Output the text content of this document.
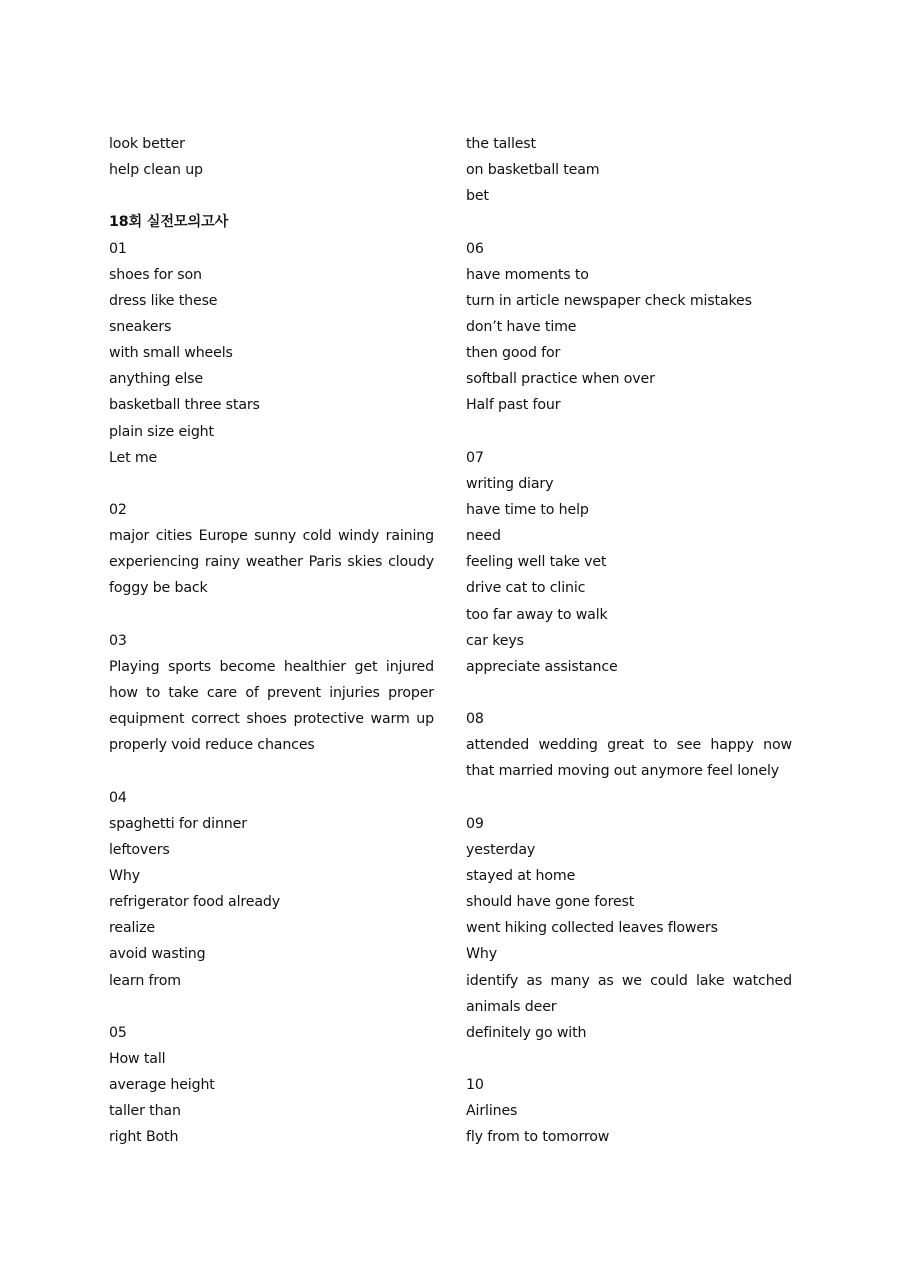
look better
help clean up
18회 실전모의고사
01
shoes for son
dress like these
sneakers
with small wheels
anything else
basketball three stars
plain size eight
Let me
02
major cities Europe sunny cold windy raining experiencing rainy weather Paris skies cloudy foggy be back
03
Playing sports become healthier get injured how to take care of prevent injuries proper equipment correct shoes protective warm up properly void reduce chances
04
spaghetti for dinner
leftovers
Why
refrigerator food already
realize
avoid wasting
learn from
05
How tall
average height
taller than
right Both
the tallest
on basketball team
bet
06
have moments to
turn in article newspaper check mistakes
don’t have time
then good for
softball practice when over
Half past four
07
writing diary
have time to help
need
feeling well take vet
drive cat to clinic
too far away to walk
car keys
appreciate assistance
08
attended wedding great to see happy now that married moving out anymore feel lonely
09
yesterday
stayed at home
should have gone forest
went hiking collected leaves flowers
Why
identify as many as we could lake watched animals deer
definitely go with
10
Airlines
fly from to tomorrow
